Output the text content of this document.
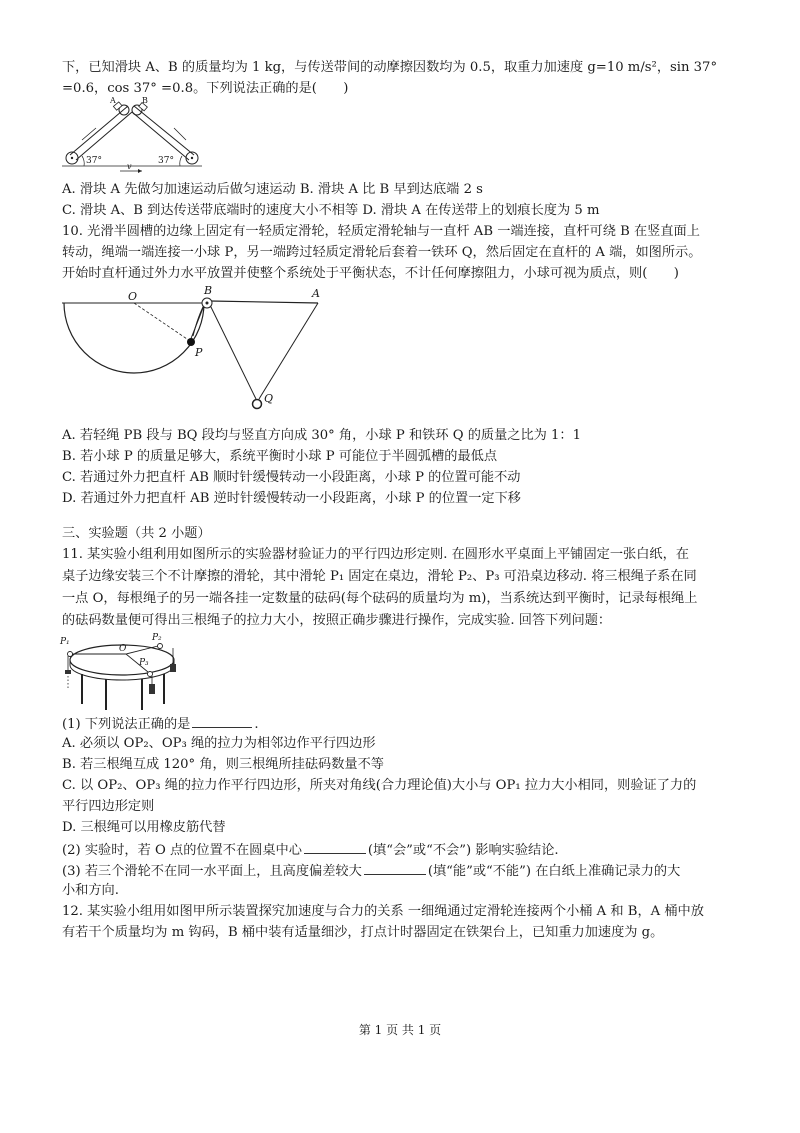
下，已知滑块 A、B 的质量均为 1 kg，与传送带间的动摩擦因数均为 0.5，取重力加速度 g=10 m/s²，sin 37°
=0.6，cos 37° =0.8。下列说法正确的是(　　)
A	B
37°	37°
v
A. 滑块 A 先做匀加速运动后做匀速运动 B. 滑块 A 比 B 早到达底端 2 s
C. 滑块 A、B 到达传送带底端时的速度大小不相等 D. 滑块 A 在传送带上的划痕长度为 5 m
10. 光滑半圆槽的边缘上固定有一轻质定滑轮，轻质定滑轮轴与一直杆 AB 一端连接，直杆可绕 B 在竖直面上
转动，绳端一端连接一小球 P，另一端跨过轻质定滑轮后套着一铁环 Q，然后固定在直杆的 A 端，如图所示。
开始时直杆通过外力水平放置并使整个系统处于平衡状态，不计任何摩擦阻力，小球可视为质点，则(　　)
O	B	A
P
Q
A. 若轻绳 PB 段与 BQ 段均与竖直方向成 30° 角，小球 P 和铁环 Q 的质量之比为 1：1
B. 若小球 P 的质量足够大，系统平衡时小球 P 可能位于半圆弧槽的最低点
C. 若通过外力把直杆 AB 顺时针缓慢转动一小段距离，小球 P 的位置可能不动
D. 若通过外力把直杆 AB 逆时针缓慢转动一小段距离，小球 P 的位置一定下移
三、实验题（共 2 小题）
11. 某实验小组利用如图所示的实验器材验证力的平行四边形定则. 在圆形水平桌面上平铺固定一张白纸，在
桌子边缘安装三个不计摩擦的滑轮，其中滑轮 P₁ 固定在桌边，滑轮 P₂、P₃ 可沿桌边移动. 将三根绳子系在同
一点 O，每根绳子的另一端各挂一定数量的砝码(每个砝码的质量均为 m)，当系统达到平衡时，记录每根绳上
的砝码数量便可得出三根绳子的拉力大小，按照正确步骤进行操作，完成实验. 回答下列问题：
P₁	P₂
P₃
O
(1) 下列说法正确的是	.
A. 必须以 OP₂、OP₃ 绳的拉力为相邻边作平行四边形
B. 若三根绳互成 120° 角，则三根绳所挂砝码数量不等
C. 以 OP₂、OP₃ 绳的拉力作平行四边形，所夹对角线(合力理论值)大小与 OP₁ 拉力大小相同，则验证了力的
平行四边形定则
D. 三根绳可以用橡皮筋代替
(2) 实验时，若 O 点的位置不在圆桌中心	(填“会”或“不会”) 影响实验结论.
(3) 若三个滑轮不在同一水平面上，且高度偏差较大	(填“能”或“不能”) 在白纸上准确记录力的大
小和方向.
12. 某实验小组用如图甲所示装置探究加速度与合力的关系 一细绳通过定滑轮连接两个小桶 A 和 B，A 桶中放
有若干个质量均为 m 钩码，B 桶中装有适量细沙，打点计时器固定在铁架台上，已知重力加速度为 g。
第 1 页 共 1 页
